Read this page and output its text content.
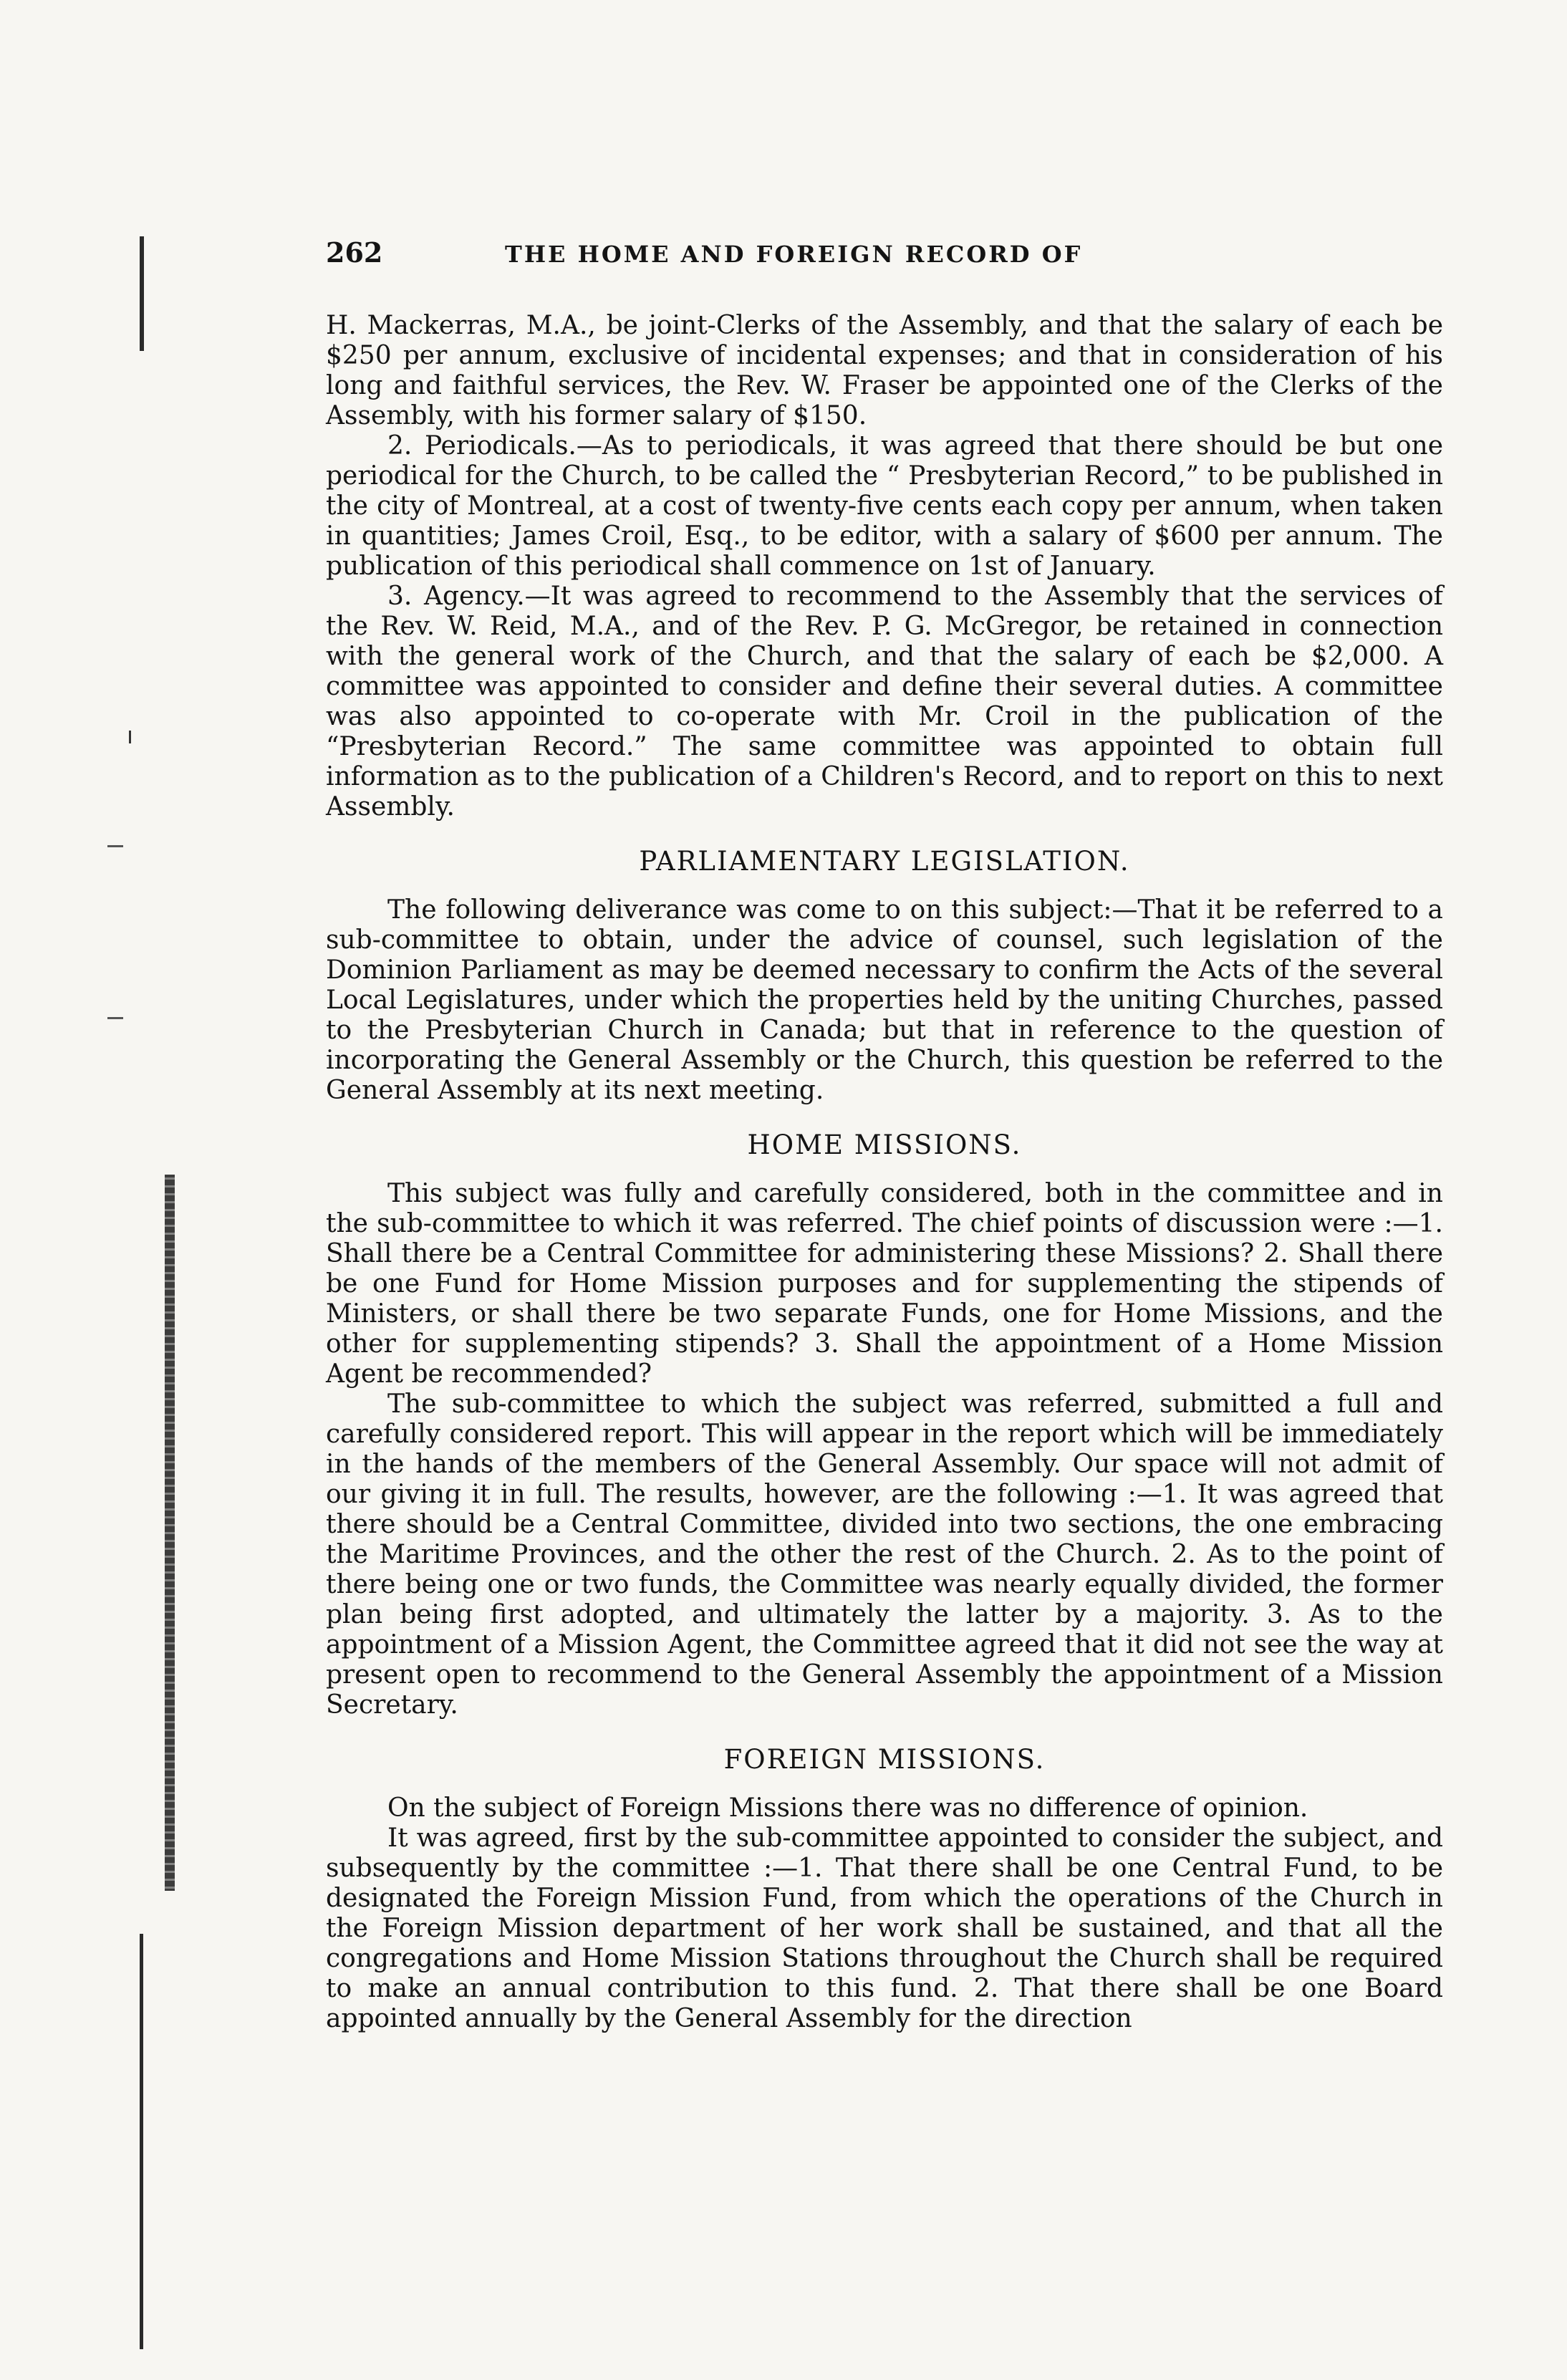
262	THE HOME AND FOREIGN RECORD OF

H. Mackerras, M.A., be joint-Clerks of the Assembly, and that the salary of each be $250 per annum, exclusive of incidental expenses; and that in consideration of his long and faithful services, the Rev. W. Fraser be appointed one of the Clerks of the Assembly, with his former salary of $150.

2. Periodicals.—As to periodicals, it was agreed that there should be but one periodical for the Church, to be called the “ Presbyterian Record,” to be published in the city of Montreal, at a cost of twenty-five cents each copy per annum, when taken in quantities; James Croil, Esq., to be editor, with a salary of $600 per annum. The publication of this periodical shall commence on 1st of January.

3. Agency.—It was agreed to recommend to the Assembly that the services of the Rev. W. Reid, M.A., and of the Rev. P. G. McGregor, be retained in connection with the general work of the Church, and that the salary of each be $2,000. A committee was appointed to consider and define their several duties. A committee was also appointed to co-operate with Mr. Croil in the publication of the “Presbyterian Record.” The same committee was appointed to obtain full information as to the publication of a Children's Record, and to report on this to next Assembly.

PARLIAMENTARY LEGISLATION.

The following deliverance was come to on this subject:—That it be referred to a sub-committee to obtain, under the advice of counsel, such legislation of the Dominion Parliament as may be deemed necessary to confirm the Acts of the several Local Legislatures, under which the properties held by the uniting Churches, passed to the Presbyterian Church in Canada; but that in reference to the question of incorporating the General Assembly or the Church, this question be referred to the General Assembly at its next meeting.

HOME MISSIONS.

This subject was fully and carefully considered, both in the committee and in the sub-committee to which it was referred. The chief points of discussion were :—1. Shall there be a Central Committee for administering these Missions? 2. Shall there be one Fund for Home Mission purposes and for supplementing the stipends of Ministers, or shall there be two separate Funds, one for Home Missions, and the other for supplementing stipends? 3. Shall the appointment of a Home Mission Agent be recommended?

The sub-committee to which the subject was referred, submitted a full and carefully considered report. This will appear in the report which will be immediately in the hands of the members of the General Assembly. Our space will not admit of our giving it in full. The results, however, are the following :—1. It was agreed that there should be a Central Committee, divided into two sections, the one embracing the Maritime Provinces, and the other the rest of the Church. 2. As to the point of there being one or two funds, the Committee was nearly equally divided, the former plan being first adopted, and ultimately the latter by a majority. 3. As to the appointment of a Mission Agent, the Committee agreed that it did not see the way at present open to recommend to the General Assembly the appointment of a Mission Secretary.

FOREIGN MISSIONS.

On the subject of Foreign Missions there was no difference of opinion.

It was agreed, first by the sub-committee appointed to consider the subject, and subsequently by the committee :—1. That there shall be one Central Fund, to be designated the Foreign Mission Fund, from which the operations of the Church in the Foreign Mission department of her work shall be sustained, and that all the congregations and Home Mission Stations throughout the Church shall be required to make an annual contribution to this fund. 2. That there shall be one Board appointed annually by the General Assembly for the direction
